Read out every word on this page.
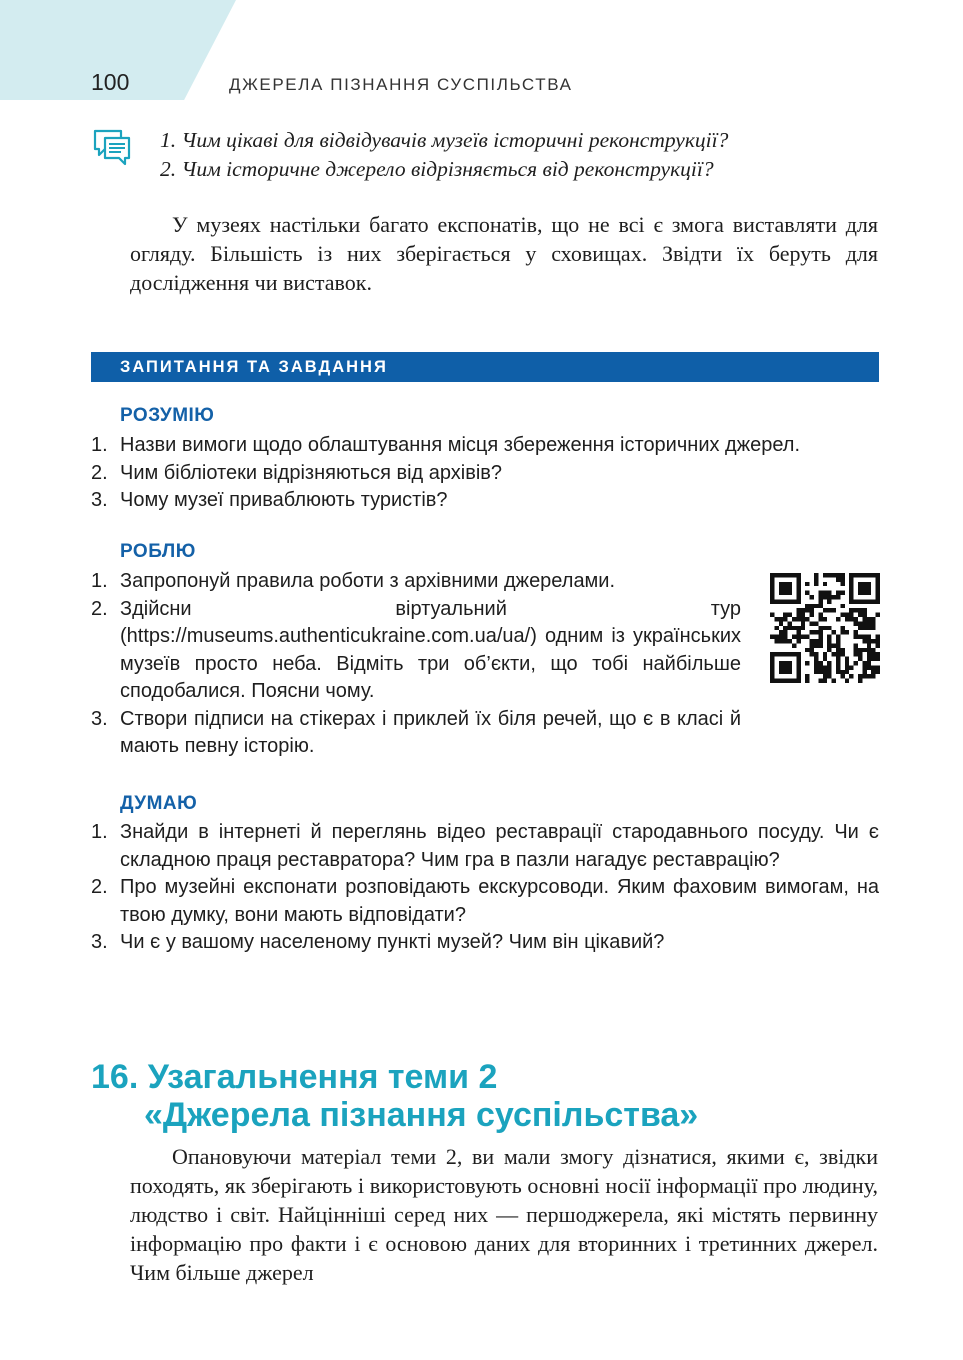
100	ДЖЕРЕЛА ПІЗНАННЯ СУСПІЛЬСТВА
1. Чим цікаві для відвідувачів музеїв історичні реконструкції?
2. Чим історичне джерело відрізняється від реконструкції?

У музеях настільки багато експонатів, що не всі є змога виставляти для огляду. Більшість із них зберігається у сховищах. Звідти їх беруть для дослідження чи виставок.

ЗАПИТАННЯ ТА ЗАВДАННЯ
РОЗУМІЮ
1. Назви вимоги щодо облаштування місця збереження історичних джерел.
2. Чим бібліотеки відрізняються від архівів?
3. Чому музеї приваблюють туристів?
РОБЛЮ
1. Запропонуй правила роботи з архівними джерелами.
2. Здійсни віртуальний тур (https://museums.authenticukraine.com.ua/ua/) одним із українських музеїв просто неба. Відміть три об’єкти, що тобі найбільше сподобалися. Поясни чому.
3. Створи підписи на стікерах і приклей їх біля речей, що є в класі й мають певну історію.
ДУМАЮ
1. Знайди в інтернеті й переглянь відео реставрації стародавнього посуду. Чи є складною праця реставратора? Чим гра в пазли нагадує реставрацію?
2. Про музейні експонати розповідають екскурсоводи. Яким фаховим вимогам, на твою думку, вони мають відповідати?
3. Чи є у вашому населеному пункті музей? Чим він цікавий?
16. Узагальнення теми 2
«Джерела пізнання суспільства»

Опановуючи матеріал теми 2, ви мали змогу дізнатися, якими є, звідки походять, як зберігають і використовують основні носії інформації про людину, людство і світ. Найцінніші серед них — першоджерела, які містять первинну інформацію про факти і є основою даних для вторинних і третинних джерел. Чим більше джерел
